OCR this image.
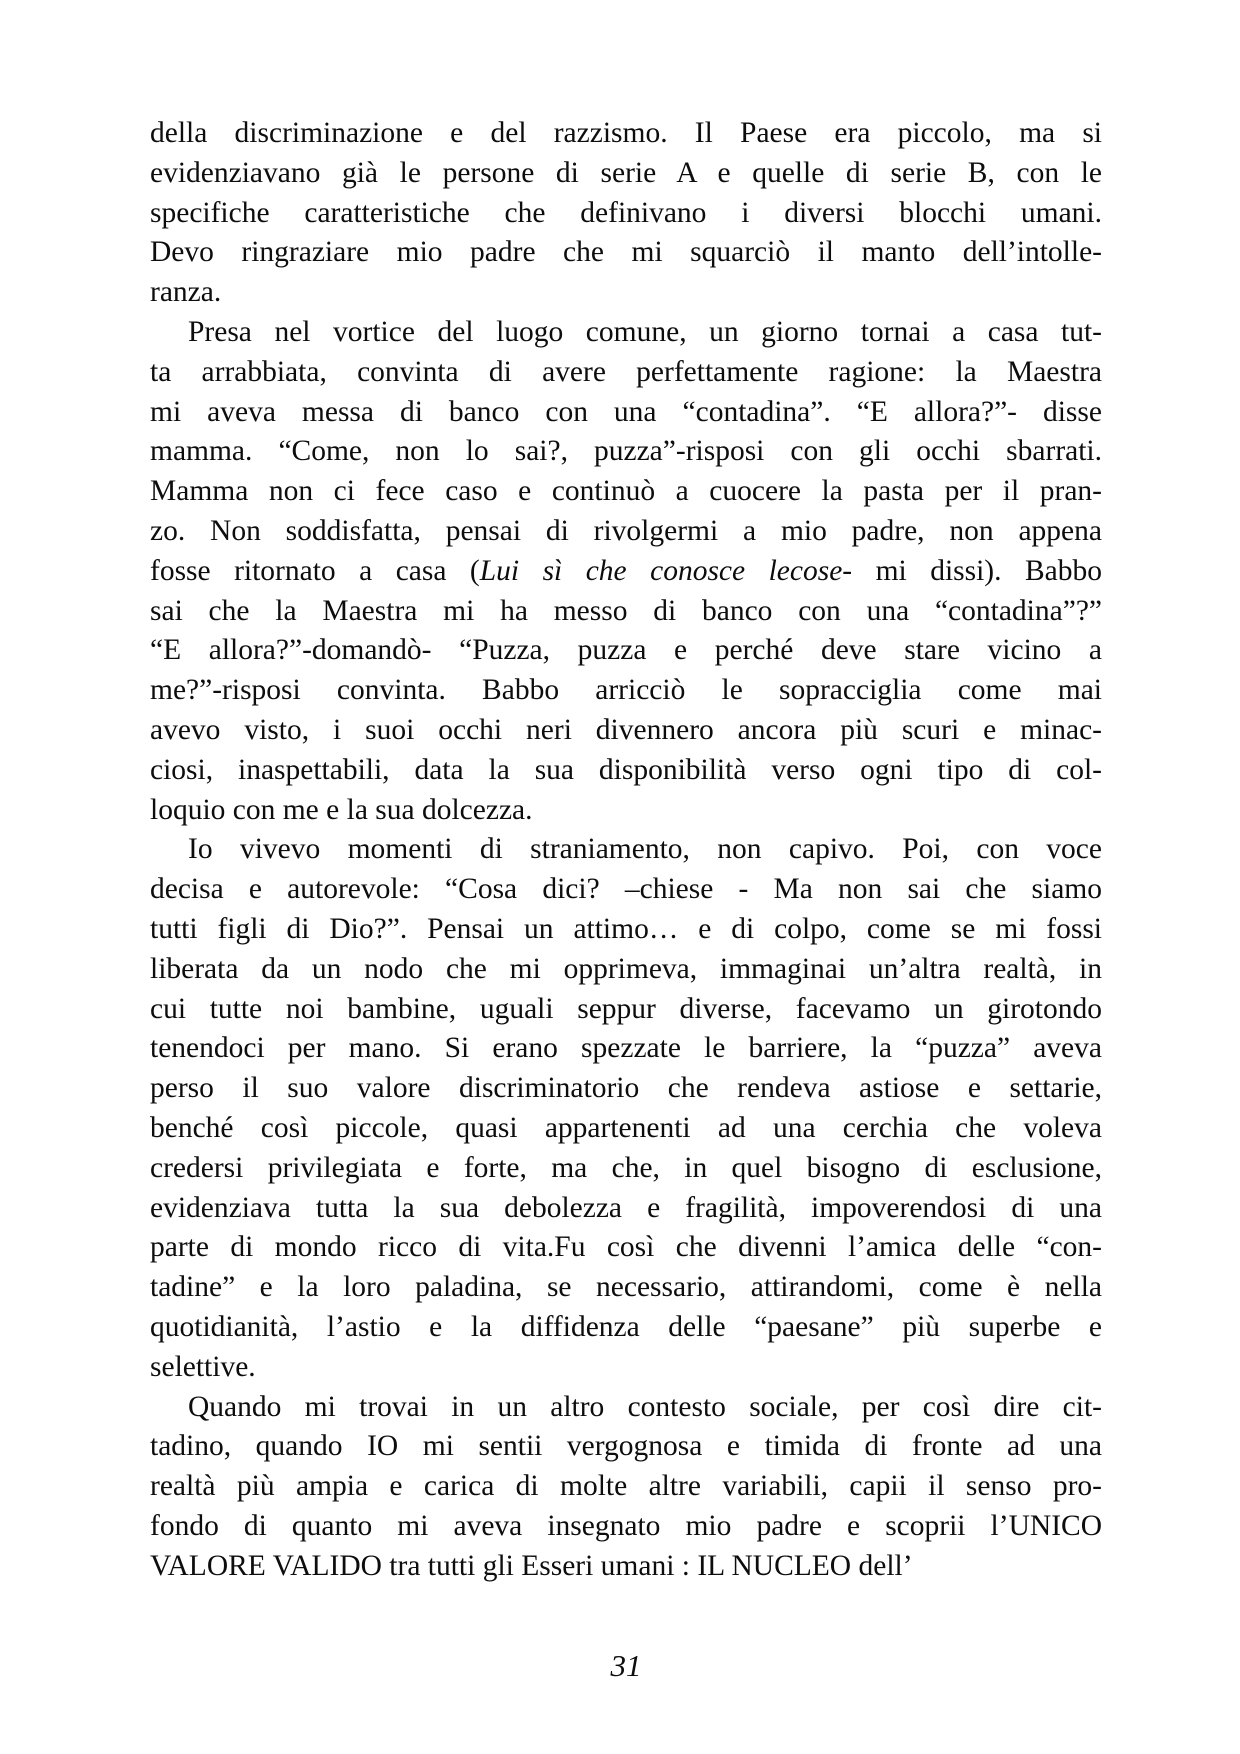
della discriminazione e del razzismo. Il Paese era piccolo, ma si
evidenziavano già le persone di serie A e quelle di serie B, con le
specifiche caratteristiche che definivano i diversi blocchi umani.
Devo ringraziare mio padre che mi squarciò il manto dell’intolle-
ranza.
Presa nel vortice del luogo comune, un giorno tornai a casa tut-
ta arrabbiata, convinta di avere perfettamente ragione: la Maestra
mi aveva messa di banco con una “contadina”. “E allora?”- disse
mamma. “Come, non lo sai?, puzza”-risposi con gli occhi sbarrati.
Mamma non ci fece caso e continuò a cuocere la pasta per il pran-
zo. Non soddisfatta, pensai di rivolgermi a mio padre, non appena
fosse ritornato a casa (Lui sì che conosce lecose- mi dissi). Babbo
sai che la Maestra mi ha messo di banco con una “contadina”?”
“E allora?”-domandò- “Puzza, puzza e perché deve stare vicino a
me?”-risposi convinta. Babbo arricciò le sopracciglia come mai
avevo visto, i suoi occhi neri divennero ancora più scuri e minac-
ciosi, inaspettabili, data la sua disponibilità verso ogni tipo di col-
loquio con me e la sua dolcezza.
Io vivevo momenti di straniamento, non capivo. Poi, con voce
decisa e autorevole: “Cosa dici? –chiese - Ma non sai che siamo
tutti figli di Dio?”. Pensai un attimo… e di colpo, come se mi fossi
liberata da un nodo che mi opprimeva, immaginai un’altra realtà, in
cui tutte noi bambine, uguali seppur diverse, facevamo un girotondo
tenendoci per mano. Si erano spezzate le barriere, la “puzza” aveva
perso il suo valore discriminatorio che rendeva astiose e settarie,
benché così piccole, quasi appartenenti ad una cerchia che voleva
credersi privilegiata e forte, ma che, in quel bisogno di esclusione,
evidenziava tutta la sua debolezza e fragilità, impoverendosi di una
parte di mondo ricco di vita.Fu così che divenni l’amica delle “con-
tadine” e la loro paladina, se necessario, attirandomi, come è nella
quotidianità, l’astio e la diffidenza delle “paesane” più superbe e
selettive.
Quando mi trovai in un altro contesto sociale, per così dire cit-
tadino, quando IO mi sentii vergognosa e timida di fronte ad una
realtà più ampia e carica di molte altre variabili, capii il senso pro-
fondo di quanto mi aveva insegnato mio padre e scoprii l’UNICO
VALORE VALIDO tra tutti gli Esseri umani : IL NUCLEO dell’
31
